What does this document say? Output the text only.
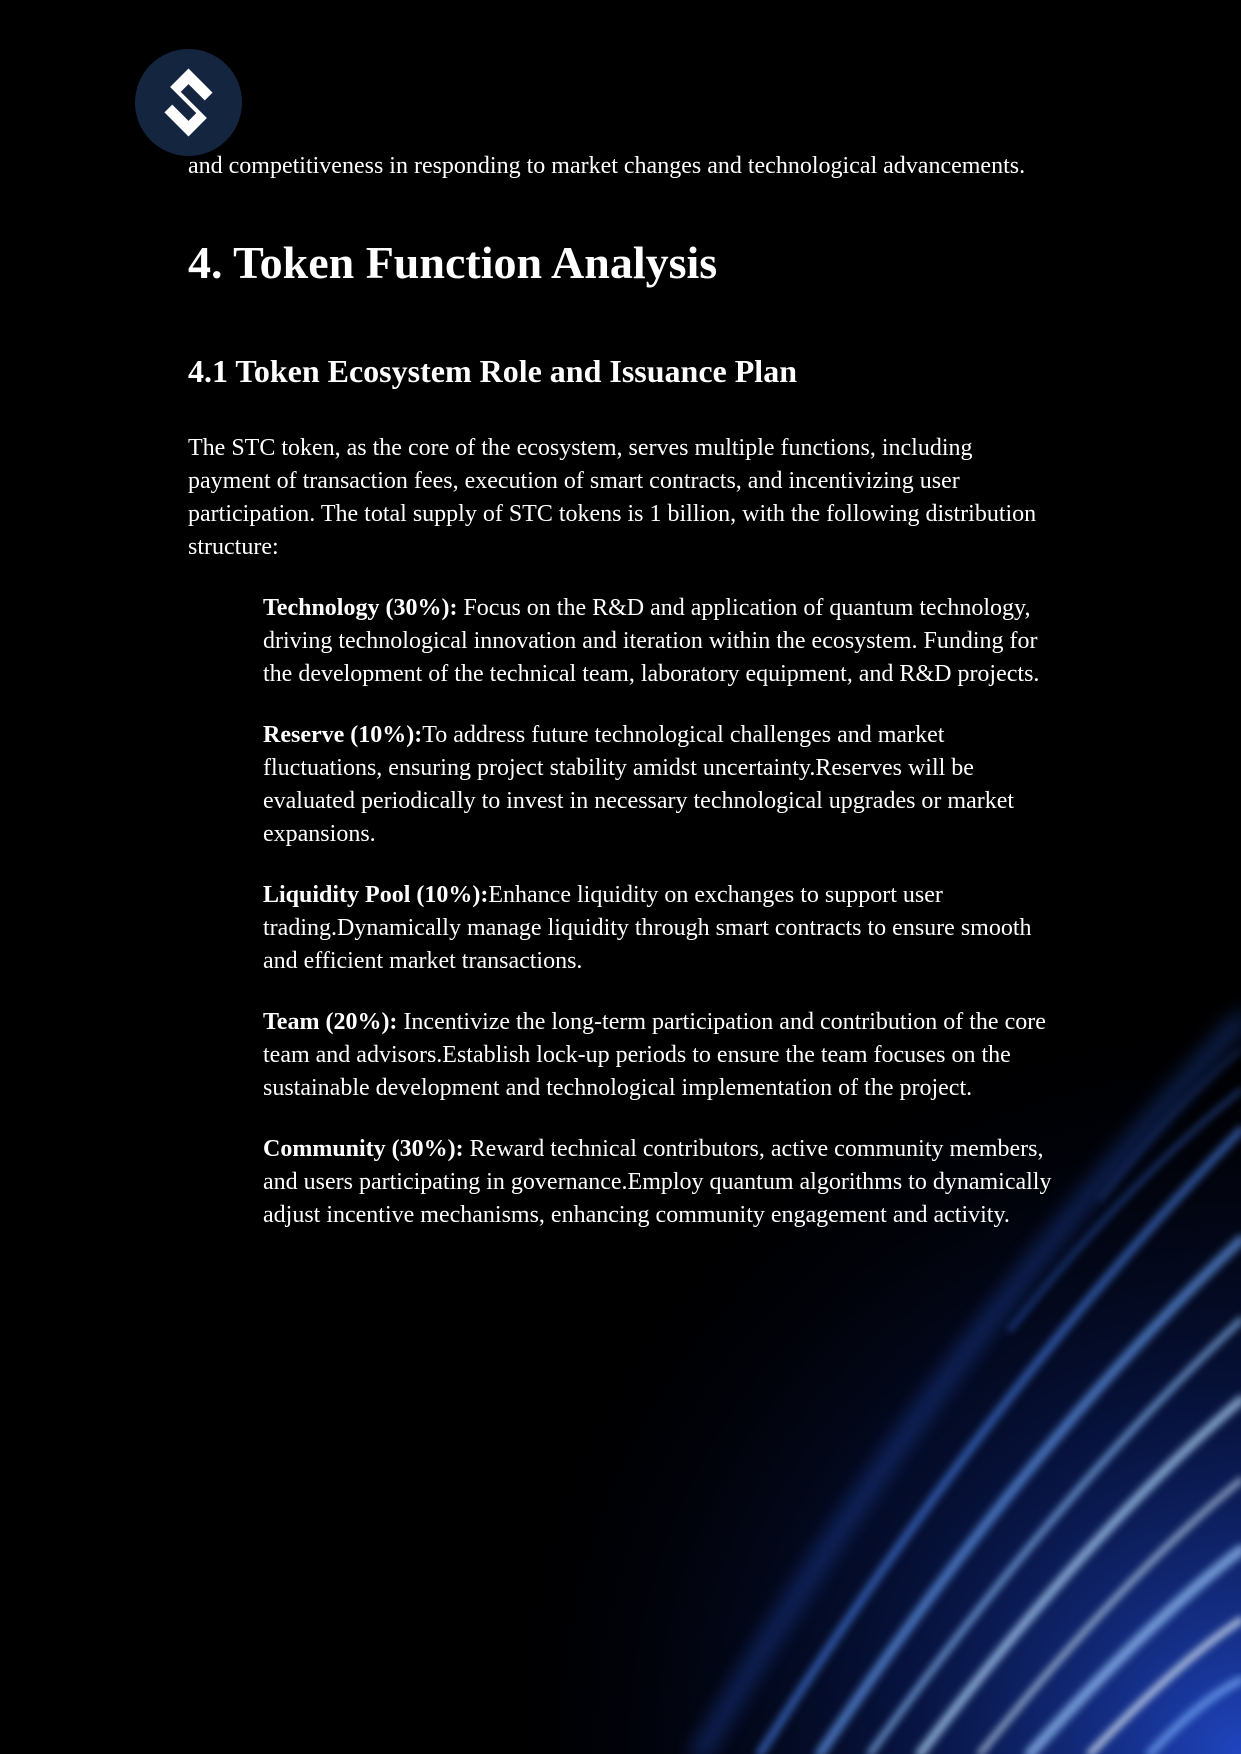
and competitiveness in responding to market changes and technological advancements.

4. Token Function Analysis
4.1 Token Ecosystem Role and Issuance Plan

The STC token, as the core of the ecosystem, serves multiple functions, including payment of transaction fees, execution of smart contracts, and incentivizing user participation. The total supply of STC tokens is 1 billion, with the following distribution structure:

Technology (30%): Focus on the R&D and application of quantum technology, driving technological innovation and iteration within the ecosystem. Funding for the development of the technical team, laboratory equipment, and R&D projects.
Reserve (10%):To address future technological challenges and market fluctuations, ensuring project stability amidst uncertainty.Reserves will be evaluated periodically to invest in necessary technological upgrades or market expansions.
Liquidity Pool (10%):Enhance liquidity on exchanges to support user trading.Dynamically manage liquidity through smart contracts to ensure smooth and efficient market transactions.
Team (20%): Incentivize the long-term participation and contribution of the core team and advisors.Establish lock-up periods to ensure the team focuses on the sustainable development and technological implementation of the project.
Community (30%): Reward technical contributors, active community members, and users participating in governance.Employ quantum algorithms to dynamically adjust incentive mechanisms, enhancing community engagement and activity.
